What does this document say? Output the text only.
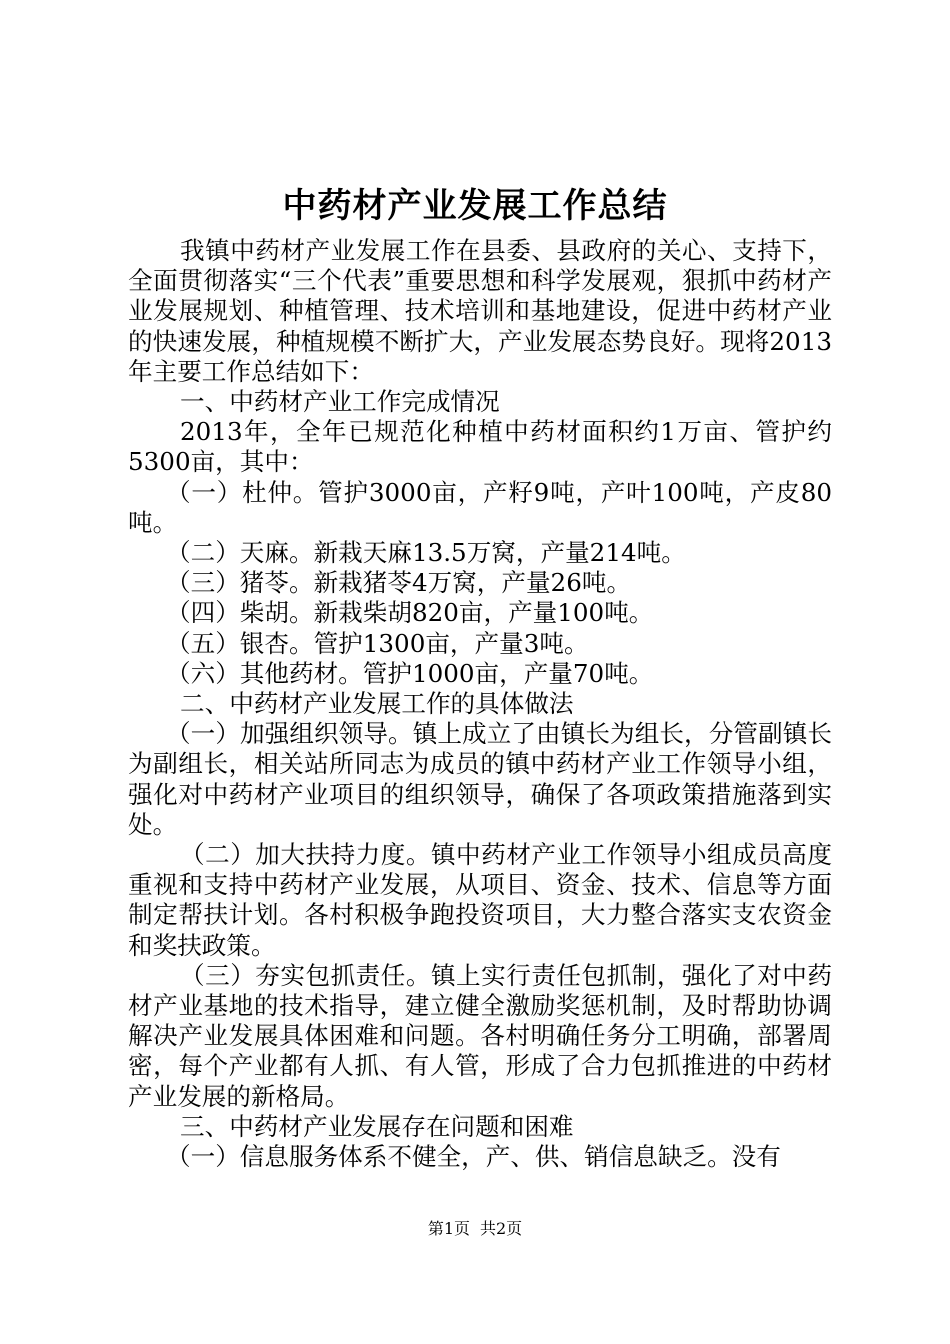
中药材产业发展工作总结

我镇中药材产业发展工作在县委、县政府的关心、支持下，全面贯彻落实“三个代表”重要思想和科学发展观，狠抓中药材产业发展规划、种植管理、技术培训和基地建设，促进中药材产业的快速发展，种植规模不断扩大，产业发展态势良好。现将2013年主要工作总结如下：

一、中药材产业工作完成情况

2013年，全年已规范化种植中药材面积约1万亩、管护约5300亩，其中：

（一）杜仲。管护3000亩，产籽9吨，产叶100吨，产皮80吨。

（二）天麻。新栽天麻13.5万窝，产量214吨。

（三）猪苓。新栽猪苓4万窝，产量26吨。

（四）柴胡。新栽柴胡820亩，产量100吨。

（五）银杏。管护1300亩，产量3吨。

（六）其他药材。管护1000亩，产量70吨。

二、中药材产业发展工作的具体做法

（一）加强组织领导。镇上成立了由镇长为组长，分管副镇长为副组长，相关站所同志为成员的镇中药材产业工作领导小组，强化对中药材产业项目的组织领导，确保了各项政策措施落到实处。

（二）加大扶持力度。镇中药材产业工作领导小组成员高度重视和支持中药材产业发展，从项目、资金、技术、信息等方面制定帮扶计划。各村积极争跑投资项目，大力整合落实支农资金和奖扶政策。

（三）夯实包抓责任。镇上实行责任包抓制，强化了对中药材产业基地的技术指导，建立健全激励奖惩机制，及时帮助协调解决产业发展具体困难和问题。各村明确任务分工明确，部署周密，每个产业都有人抓、有人管，形成了合力包抓推进的中药材产业发展的新格局。

三、中药材产业发展存在问题和困难

（一）信息服务体系不健全，产、供、销信息缺乏。没有

第1页 共2页
